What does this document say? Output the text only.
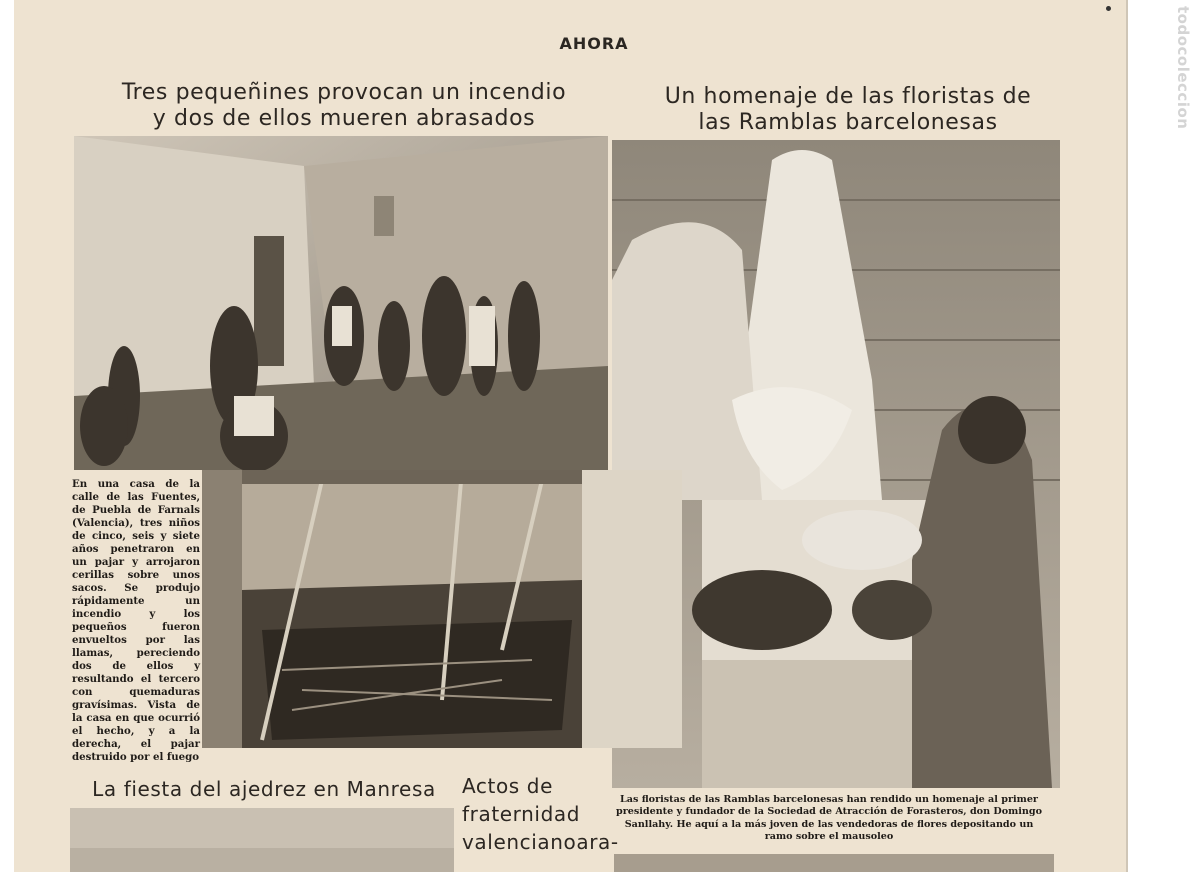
AHORA
Tres pequeñines provocan un incendio
y dos de ellos mueren abrasados
Un homenaje de las floristas de
las Ramblas barcelonesas
En una casa de la calle de las Fuentes, de Puebla de Farnals (Valencia), tres niños de cinco, seis y siete años penetraron en un pajar y arrojaron cerillas sobre unos sacos. Se produjo rápidamente un incendio y los pequeños fueron envueltos por las llamas, pereciendo dos de ellos y resultando el tercero con quemaduras gravísimas. Vista de la casa en que ocurrió el hecho, y a la derecha, el pajar destruido por el fuego
Las floristas de las Ramblas barcelonesas han rendido un homenaje al primer presidente y fundador de la Sociedad de Atracción de Forasteros, don Domingo Sanllahy. He aquí a la más joven de las vendedoras de flores depositando un ramo sobre el mausoleo
La fiesta del ajedrez en Manresa	Actos de fraternidad valencianoara-
todocoleccion
